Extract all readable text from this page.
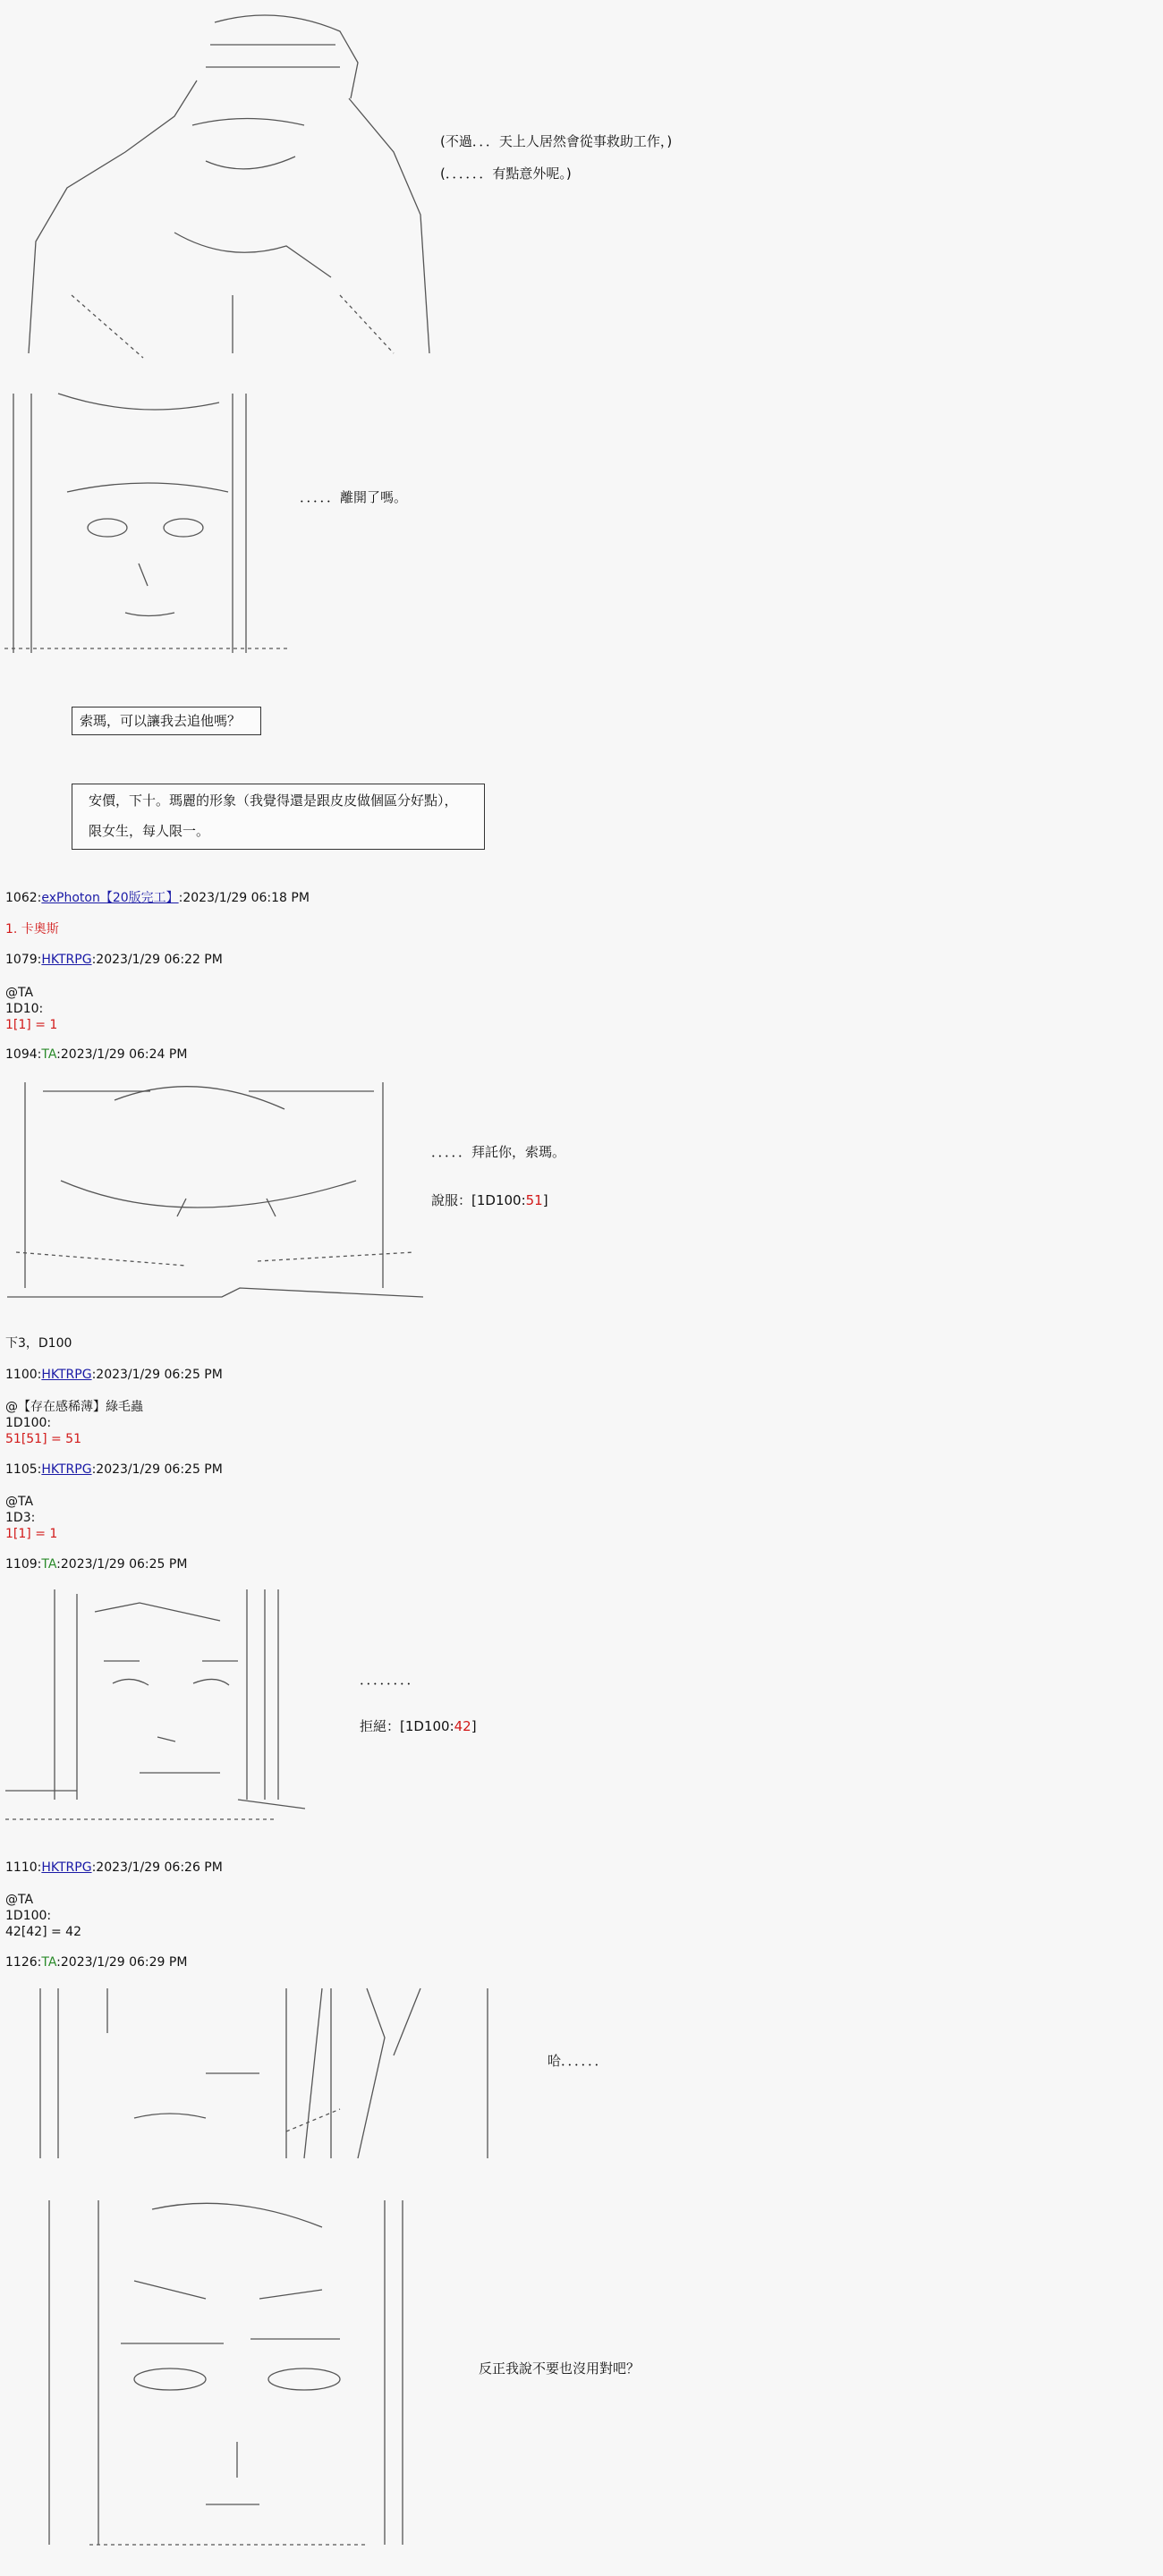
(不過．．．天上人居然會從事救助工作，)
(．．．．．．有點意外呢。)
．．．．．離開了嗎。
索瑪，可以讓我去追他嗎？
安價，下十。瑪麗的形象（我覺得還是跟皮皮做個區分好點），
限女生，每人限一。
1062:exPhoton【20版完工】:2023/1/29 06:18 PM
1. 卡奧斯
1079:HKTRPG:2023/1/29 06:22 PM
@TA
1D10:
1[1] = 1
1094:TA:2023/1/29 06:24 PM
．．．．．拜託你，索瑪。
說服：[1D100:51]
下3，D100
1100:HKTRPG:2023/1/29 06:25 PM
@【存在感稀薄】綠毛蟲
1D100:
51[51] = 51
1105:HKTRPG:2023/1/29 06:25 PM
@TA
1D3:
1[1] = 1
1109:TA:2023/1/29 06:25 PM
．．．．．．．．
拒絕：[1D100:42]
1110:HKTRPG:2023/1/29 06:26 PM
@TA
1D100:
42[42] = 42
1126:TA:2023/1/29 06:29 PM
哈．．．．．．
反正我說不要也沒用對吧？
